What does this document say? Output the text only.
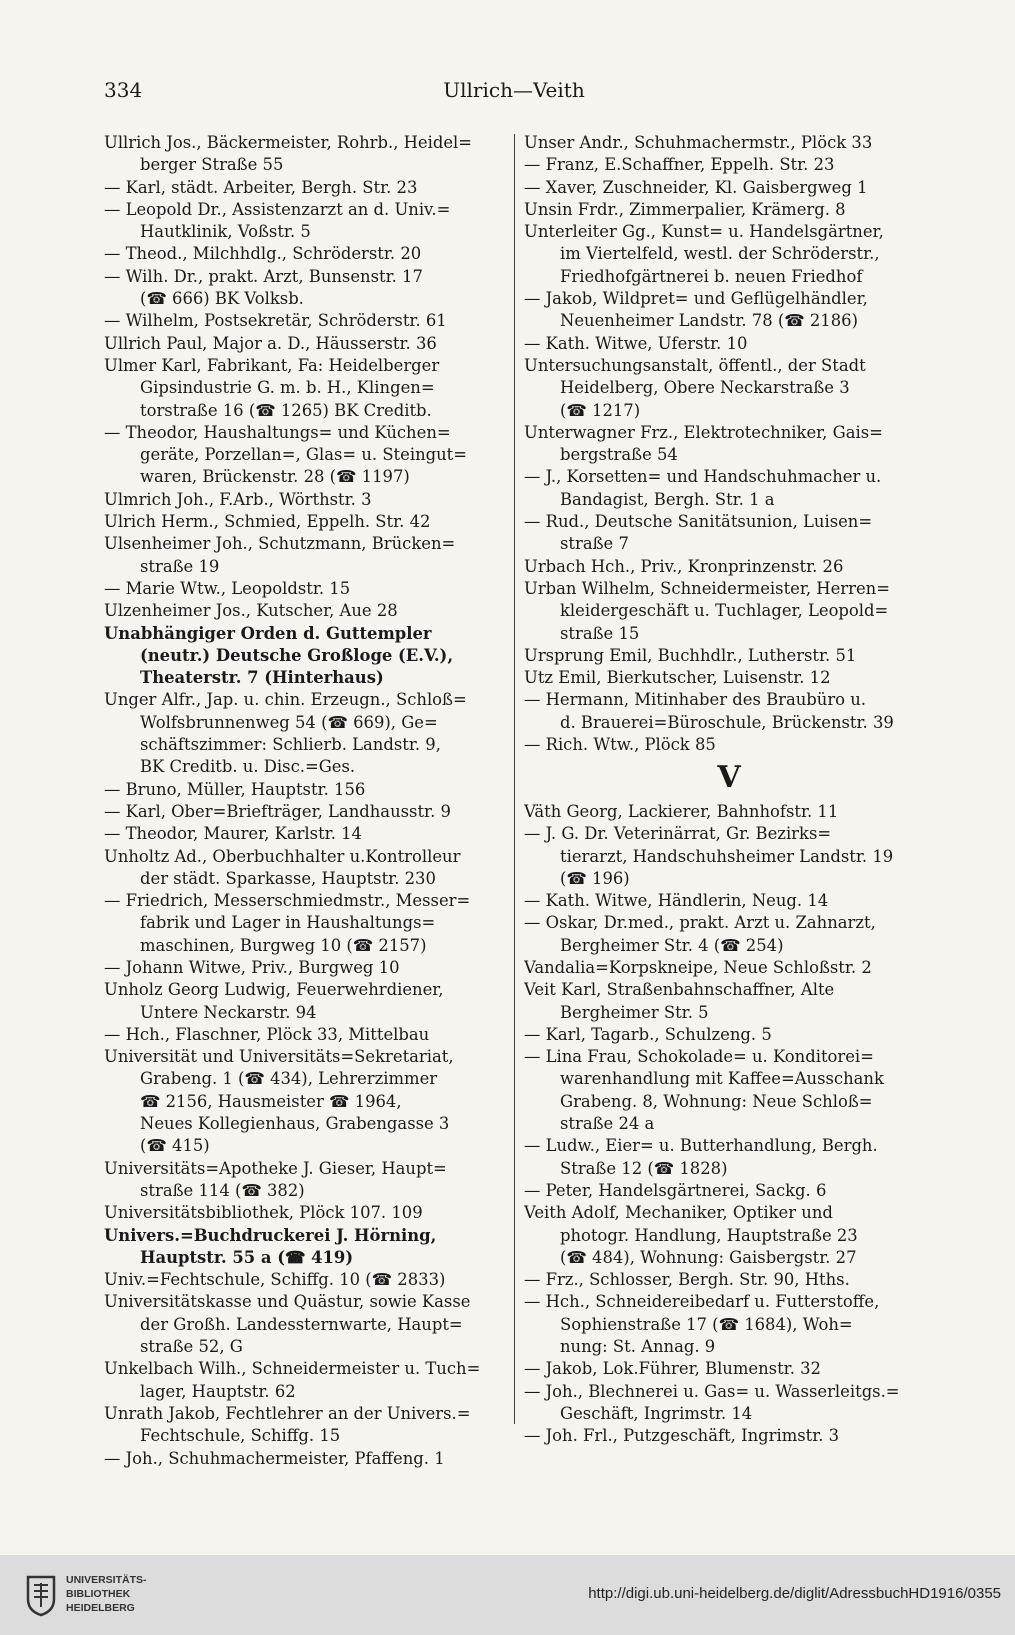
334	Ullrich—Veith
Ullrich Jos., Bäckermeister, Rohrb., Heidel=
berger Straße 55
— Karl, städt. Arbeiter, Bergh. Str. 23
— Leopold Dr., Assistenzarzt an d. Univ.=
Hautklinik, Voßstr. 5
— Theod., Milchhdlg., Schröderstr. 20
— Wilh. Dr., prakt. Arzt, Bunsenstr. 17
(☎ 666) BK Volksb.
— Wilhelm, Postsekretär, Schröderstr. 61
Ullrich Paul, Major a. D., Häusserstr. 36
Ulmer Karl, Fabrikant, Fa: Heidelberger
Gipsindustrie G. m. b. H., Klingen=
torstraße 16 (☎ 1265) BK Creditb.
— Theodor, Haushaltungs= und Küchen=
geräte, Porzellan=, Glas= u. Steingut=
waren, Brückenstr. 28 (☎ 1197)
Ulmrich Joh., F.Arb., Wörthstr. 3
Ulrich Herm., Schmied, Eppelh. Str. 42
Ulsenheimer Joh., Schutzmann, Brücken=
straße 19
— Marie Wtw., Leopoldstr. 15
Ulzenheimer Jos., Kutscher, Aue 28
Unabhängiger Orden d. Guttempler
(neutr.) Deutsche Großloge (E.V.),
Theaterstr. 7 (Hinterhaus)
Unger Alfr., Jap. u. chin. Erzeugn., Schloß=
Wolfsbrunnenweg 54 (☎ 669), Ge=
schäftszimmer: Schlierb. Landstr. 9,
BK Creditb. u. Disc.=Ges.
— Bruno, Müller, Hauptstr. 156
— Karl, Ober=Briefträger, Landhausstr. 9
— Theodor, Maurer, Karlstr. 14
Unholtz Ad., Oberbuchhalter u.Kontrolleur
der städt. Sparkasse, Hauptstr. 230
— Friedrich, Messerschmiedmstr., Messer=
fabrik und Lager in Haushaltungs=
maschinen, Burgweg 10 (☎ 2157)
— Johann Witwe, Priv., Burgweg 10
Unholz Georg Ludwig, Feuerwehrdiener,
Untere Neckarstr. 94
— Hch., Flaschner, Plöck 33, Mittelbau
Universität und Universitäts=Sekretariat,
Grabeng. 1 (☎ 434), Lehrerzimmer
☎ 2156, Hausmeister ☎ 1964,
Neues Kollegienhaus, Grabengasse 3
(☎ 415)
Universitäts=Apotheke J. Gieser, Haupt=
straße 114 (☎ 382)
Universitätsbibliothek, Plöck 107. 109
Univers.=Buchdruckerei J. Hörning,
Hauptstr. 55 a (☎ 419)
Univ.=Fechtschule, Schiffg. 10 (☎ 2833)
Universitätskasse und Quästur, sowie Kasse
der Großh. Landessternwarte, Haupt=
straße 52, G
Unkelbach Wilh., Schneidermeister u. Tuch=
lager, Hauptstr. 62
Unrath Jakob, Fechtlehrer an der Univers.=
Fechtschule, Schiffg. 15
— Joh., Schuhmachermeister, Pfaffeng. 1
Unser Andr., Schuhmachermstr., Plöck 33
— Franz, E.Schaffner, Eppelh. Str. 23
— Xaver, Zuschneider, Kl. Gaisbergweg 1
Unsin Frdr., Zimmerpalier, Krämerg. 8
Unterleiter Gg., Kunst= u. Handelsgärtner,
im Viertelfeld, westl. der Schröderstr.,
Friedhofgärtnerei b. neuen Friedhof
— Jakob, Wildpret= und Geflügelhändler,
Neuenheimer Landstr. 78 (☎ 2186)
— Kath. Witwe, Uferstr. 10
Untersuchungsanstalt, öffentl., der Stadt
Heidelberg, Obere Neckarstraße 3
(☎ 1217)
Unterwagner Frz., Elektrotechniker, Gais=
bergstraße 54
— J., Korsetten= und Handschuhmacher u.
Bandagist, Bergh. Str. 1 a
— Rud., Deutsche Sanitätsunion, Luisen=
straße 7
Urbach Hch., Priv., Kronprinzenstr. 26
Urban Wilhelm, Schneidermeister, Herren=
kleidergeschäft u. Tuchlager, Leopold=
straße 15
Ursprung Emil, Buchhdlr., Lutherstr. 51
Utz Emil, Bierkutscher, Luisenstr. 12
— Hermann, Mitinhaber des Braubüro u.
d. Brauerei=Büroschule, Brückenstr. 39
— Rich. Wtw., Plöck 85
V
Väth Georg, Lackierer, Bahnhofstr. 11
— J. G. Dr. Veterinärrat, Gr. Bezirks=
tierarzt, Handschuhsheimer Landstr. 19
(☎ 196)
— Kath. Witwe, Händlerin, Neug. 14
— Oskar, Dr.med., prakt. Arzt u. Zahnarzt,
Bergheimer Str. 4 (☎ 254)
Vandalia=Korpskneipe, Neue Schloßstr. 2
Veit Karl, Straßenbahnschaffner, Alte
Bergheimer Str. 5
— Karl, Tagarb., Schulzeng. 5
— Lina Frau, Schokolade= u. Konditorei=
warenhandlung mit Kaffee=Ausschank
Grabeng. 8, Wohnung: Neue Schloß=
straße 24 a
— Ludw., Eier= u. Butterhandlung, Bergh.
Straße 12 (☎ 1828)
— Peter, Handelsgärtnerei, Sackg. 6
Veith Adolf, Mechaniker, Optiker und
photogr. Handlung, Hauptstraße 23
(☎ 484), Wohnung: Gaisbergstr. 27
— Frz., Schlosser, Bergh. Str. 90, Hths.
— Hch., Schneidereibedarf u. Futterstoffe,
Sophienstraße 17 (☎ 1684), Woh=
nung: St. Annag. 9
— Jakob, Lok.Führer, Blumenstr. 32
— Joh., Blechnerei u. Gas= u. Wasserleitgs.=
Geschäft, Ingrimstr. 14
— Joh. Frl., Putzgeschäft, Ingrimstr. 3
UNIVERSITÄTS-
BIBLIOTHEK
HEIDELBERG
http://digi.ub.uni-heidelberg.de/diglit/AdressbuchHD1916/0355
